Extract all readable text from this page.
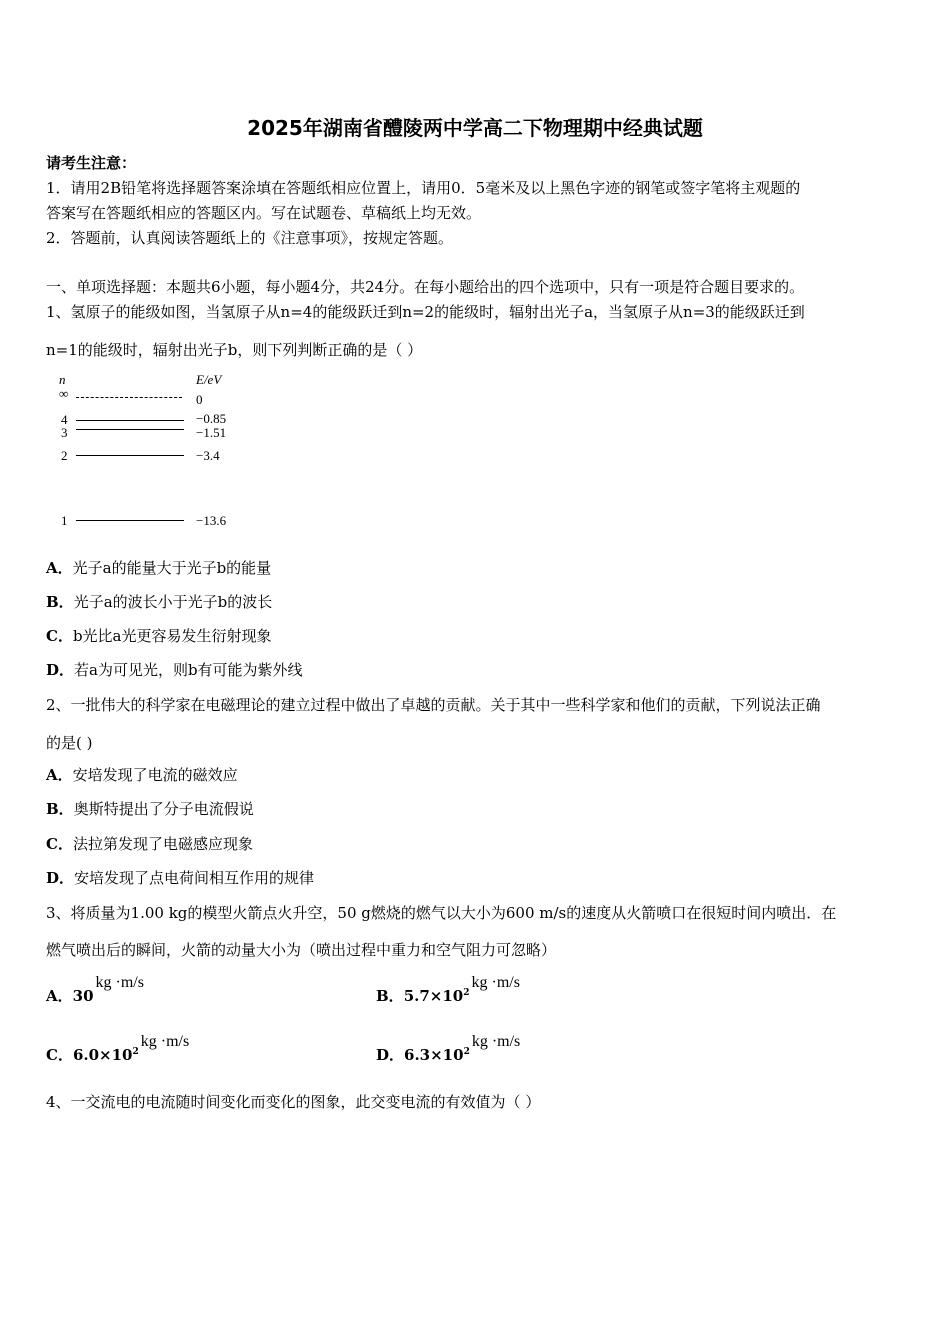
2025年湖南省醴陵两中学高二下物理期中经典试题
请考生注意：
1．请用2B铅笔将选择题答案涂填在答题纸相应位置上，请用0．5毫米及以上黑色字迹的钢笔或签字笔将主观题的
答案写在答题纸相应的答题区内。写在试题卷、草稿纸上均无效。
2．答题前，认真阅读答题纸上的《注意事项》，按规定答题。
一、单项选择题：本题共6小题，每小题4分，共24分。在每小题给出的四个选项中，只有一项是符合题目要求的。
1、氢原子的能级如图，当氢原子从n=4的能级跃迁到n=2的能级时，辐射出光子a，当氢原子从n=3的能级跃迁到
n=1的能级时，辐射出光子b，则下列判断正确的是（ ）
n	E/eV
∞	0
4	−0.85
3	−1.51
2	−3.4
1	−13.6
A．光子a的能量大于光子b的能量
B．光子a的波长小于光子b的波长
C．b光比a光更容易发生衍射现象
D．若a为可见光，则b有可能为紫外线
2、一批伟大的科学家在电磁理论的建立过程中做出了卓越的贡献。关于其中一些科学家和他们的贡献，下列说法正确
的是( )
A．安培发现了电流的磁效应
B．奥斯特提出了分子电流假说
C．法拉第发现了电磁感应现象
D．安培发现了点电荷间相互作用的规律
3、将质量为1.00 kg的模型火箭点火升空，50 g燃烧的燃气以大小为600 m/s的速度从火箭喷口在很短时间内喷出．在
燃气喷出后的瞬间，火箭的动量大小为（喷出过程中重力和空气阻力可忽略）
A．30kg ·m/s
B．$5.7\times 10^2kg \cdot m/s$
C．$6.0\times 10^2kg \cdot m/s$
D．$6.3\times 10^2kg \cdot m/s$
4、一交流电的电流随时间变化而变化的图象，此交变电流的有效值为（ ）
